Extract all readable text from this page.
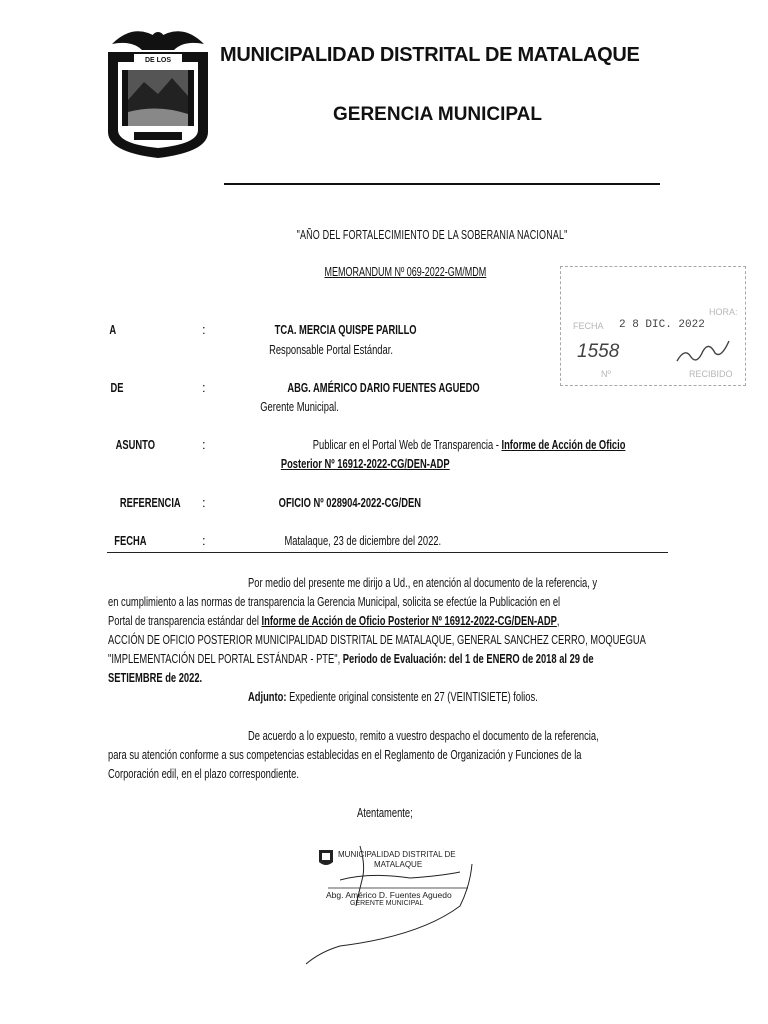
DE LOS MUNICIPALIDAD DISTRITAL DE MATALAQUE
GERENCIA MUNICIPAL
"AÑO DEL FORTALECIMIENTO DE LA SOBERANIA NACIONAL"
MEMORANDUM Nº 069-2022-GM/MDM
FECHA 2 8 DIC. 2022
HORA:
1558
Nº	RECIBIDO
A	:	TCA. MERCIA QUISPE PARILLO
Responsable Portal Estándar.
DE	:	ABG. AMÉRICO DARIO FUENTES AGUEDO
Gerente Municipal.
ASUNTO	:	Publicar en el Portal Web de Transparencia - Informe de Acción de Oficio
Posterior Nº 16912-2022-CG/DEN-ADP
REFERENCIA :	OFICIO Nº 028904-2022-CG/DEN
FECHA	:	Matalaque, 23 de diciembre del 2022.
Por medio del presente me dirijo a Ud., en atención al documento de la referencia, y
en cumplimiento a las normas de transparencia la Gerencia Municipal, solicita se efectúe la Publicación en el
Portal de transparencia estándar del Informe de Acción de Oficio Posterior Nº 16912-2022-CG/DEN-ADP,
ACCIÓN DE OFICIO POSTERIOR MUNICIPALIDAD DISTRITAL DE MATALAQUE, GENERAL SANCHEZ CERRO, MOQUEGUA
"IMPLEMENTACIÓN DEL PORTAL ESTÁNDAR - PTE", Periodo de Evaluación: del 1 de ENERO de 2018 al 29 de
SETIEMBRE de 2022.
Adjunto: Expediente original consistente en 27 (VEINTISIETE) folios.
De acuerdo a lo expuesto, remito a vuestro despacho el documento de la referencia,
para su atención conforme a sus competencias establecidas en el Reglamento de Organización y Funciones de la
Corporación edil, en el plazo correspondiente.
Atentamente;
MUNICIPALIDAD DISTRITAL DE
MATALAQUE
Abg. Américo D. Fuentes Aguedo
GERENTE MUNICIPAL
